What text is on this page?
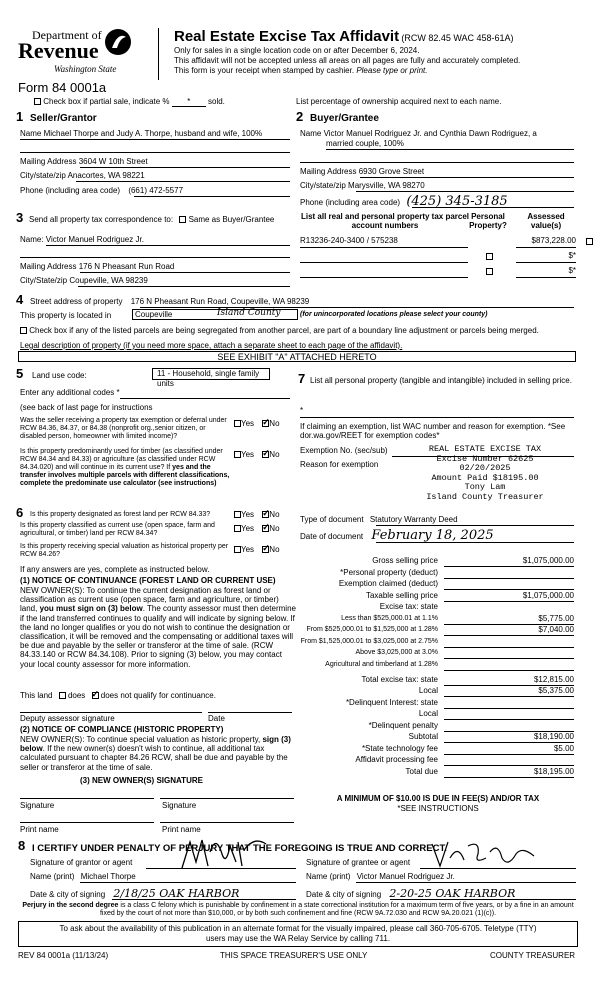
Department of
Revenue
Washington State
Form 84 0001a
Real Estate Excise Tax Affidavit (RCW 82.45 WAC 458-61A)
Only for sales in a single location code on or after December 6, 2024.
This affidavit will not be accepted unless all areas on all pages are fully and accurately completed.
This form is your receipt when stamped by cashier. Please type or print.
Check box if partial sale, indicate % * sold.	List percentage of ownership acquired next to each name.
1 Seller/Grantor
Name Michael Thorpe and Judy A. Thorpe, husband and wife, 100%
Mailing Address 3604 W 10th Street
City/state/zip Anacortes, WA 98221
Phone (including area code) (661) 472-5577
2 Buyer/Grantee
Name Victor Manuel Rodriguez Jr. and Cynthia Dawn Rodriguez, a
married couple, 100%
Mailing Address 6930 Grove Street
City/state/zip Marysville, WA 98270
Phone (including area code) (425) 345-3185
3 Send all property tax correspondence to: Same as Buyer/Grantee
Name: Victor Manuel Rodriguez Jr.
Mailing Address 176 N Pheasant Run Road
City/State/zip Coupeville, WA 98239
List all real and personal property tax parcel account numbers
Personal Property?
Assessed value(s)
R13236-240-3400 / 575238	$873,228.00
$*
$*
4 Street address of property 176 N Pheasant Run Road, Coupeville, WA 98239
This property is located in	Coupeville	Island County	(for unincorporated locations please select your county)
Check box if any of the listed parcels are being segregated from another parcel, are part of a boundary line adjustment or parcels being merged.
Legal description of property (if you need more space, attach a separate sheet to each page of the affidavit).
SEE EXHIBIT "A" ATTACHED HERETO
5 Land use code:	11 - Household, single family units
Enter any additional codes *
(see back of last page for instructions
Was the seller receiving a property tax exemption or deferral under RCW 84.36, 84.37, or 84.38 (nonprofit org.,senior citizen, or disabled person, homeowner with limited income)?
Yes ✓ No
Is this property predominantly used for timber (as classified under RCW 84.34 and 84.33) or agriculture (as classified under RCW 84.34.020) and will continue in its current use? If yes and the transfer involves multiple parcels with different classifications, complete the predominate use calculator (see instructions)
Yes ✓ No
6 Is this property designated as forest land per RCW 84.33?	Yes ✓ No
Is this property classified as current use (open space, farm and agricultural, or timber) land per RCW 84.34?
Yes ✓ No
Is this property receiving special valuation as historical property per RCW 84.26?
Yes ✓ No
If any answers are yes, complete as instructed below.
(1) NOTICE OF CONTINUANCE (FOREST LAND OR CURRENT USE)
NEW OWNER(S): To continue the current designation as forest land or classification as current use (open space, farm and agriculture, or timber) land, you must sign on (3) below. The county assessor must then determine if the land transferred continues to qualify and will indicate by signing below. If the land no longer qualifies or you do not wish to continue the designation or classification, it will be removed and the compensating or additional taxes will be due and payable by the seller or transferor at the time of sale. (RCW 84.33.140 or RCW 84.34.108). Prior to signing (3) below, you may contact your local county assessor for more information.
This land does ✓ does not qualify for continuance.
Deputy assessor signature	Date
(2) NOTICE OF COMPLIANCE (HISTORIC PROPERTY)
NEW OWNER(S): To continue special valuation as historic property, sign (3) below. If the new owner(s) doesn't wish to continue, all additional tax calculated pursuant to chapter 84.26 RCW, shall be due and payable by the seller or transferor at the time of sale.
(3) NEW OWNER(S) SIGNATURE
Signature	Signature
Print name	Print name
7 List all personal property (tangible and intangible) included in selling price.
*
If claiming an exemption, list WAC number and reason for exemption. *See dor.wa.gov/REET for exemption codes*
Exemption No. (sec/sub)
Reason for exemption
REAL ESTATE EXCISE TAX
Excise Number 62625
02/20/2025
Amount Paid $18195.00
Tony Lam
Island County Treasurer
Type of document Statutory Warranty Deed
Date of document February 18, 2025
Gross selling price	$1,075,000.00
*Personal property (deduct)
Exemption claimed (deduct)
Taxable selling price	$1,075,000.00
Excise tax: state
Less than $525,000.01 at 1.1%	$5,775.00
From $525,000.01 to $1,525,000 at 1.28%	$7,040.00
From $1,525,000.01 to $3,025,000 at 2.75%
Above $3,025,000 at 3.0%
Agricultural and timberland at 1.28%
Total excise tax: state	$12,815.00
Local	$5,375.00
*Delinquent Interest: state
Local
*Delinquent penalty
Subtotal	$18,190.00
*State technology fee	$5.00
Affidavit processing fee
Total due	$18,195.00
A MINIMUM OF $10.00 IS DUE IN FEE(S) AND/OR TAX
*SEE INSTRUCTIONS
8 I CERTIFY UNDER PENALTY OF PERJURY THAT THE FOREGOING IS TRUE AND CORRECT.
Signature of grantor or agent	Signature of grantee or agent
Name (print) Michael Thorpe	Name (print) Victor Manuel Rodriguez Jr.
Date & city of signing 2/18/25 OAK HARBOR	Date & city of signing 2-20-25 OAK HARBOR
Perjury in the second degree is a class C felony which is punishable by confinement in a state correctional institution for a maximum term of five years, or by a fine in an amount fixed by the court of not more than $10,000, or by both such confinement and fine (RCW 9A.72.030 and RCW 9A.20.021 (1)(c)).
To ask about the availability of this publication in an alternate format for the visually impaired, please call 360-705-6705. Teletype (TTY) users may use the WA Relay Service by calling 711.
REV 84 0001a (11/13/24)	THIS SPACE TREASURER'S USE ONLY	COUNTY TREASURER
